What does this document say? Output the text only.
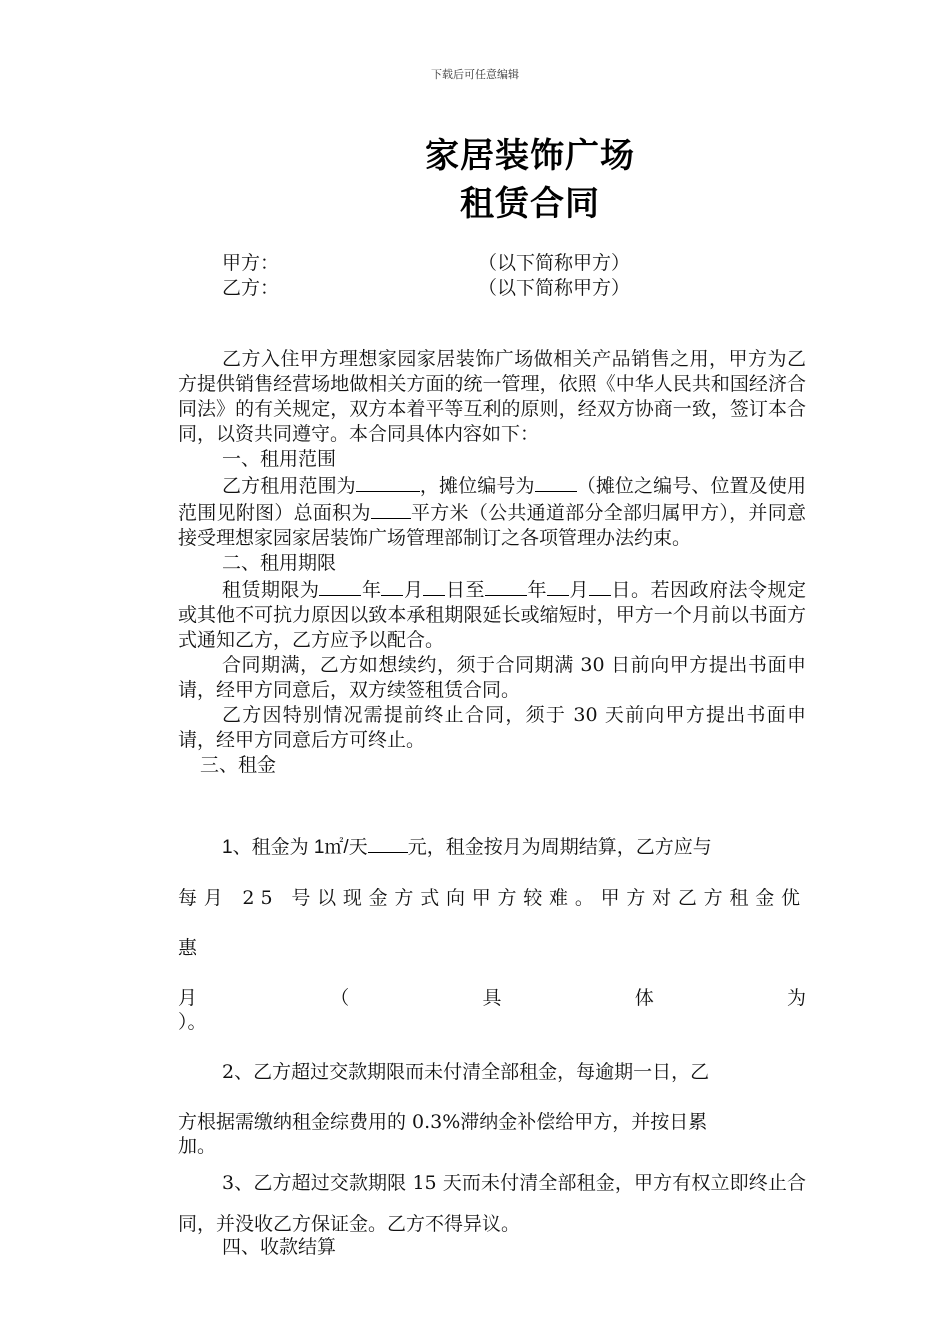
下载后可任意编辑
家居装饰广场
租赁合同
甲方：	（以下简称甲方）
乙方：	（以下简称甲方）

乙方入住甲方理想家园家居装饰广场做相关产品销售之用，甲方为乙方提供销售经营场地做相关方面的统一管理，依照《中华人民共和国经济合同法》的有关规定，双方本着平等互利的原则，经双方协商一致，签订本合同，以资共同遵守。本合同具体内容如下：

一、租用范围

乙方租用范围为	，摊位编号为 （摊位之编号、位置及使用范围见附图）总面积为 平方米（公共通道部分全部归属甲方），并同意接受理想家园家居装饰广场管理部制订之各项管理办法约束。

二、租用期限

租赁期限为 年 月 日至 年 月 日。若因政府法令规定或其他不可抗力原因以致本承租期限延长或缩短时，甲方一个月前以书面方式通知乙方，乙方应予以配合。

合同期满，乙方如想续约，须于合同期满 30 日前向甲方提出书面申请，经甲方同意后，双方续签租赁合同。

乙方因特别情况需提前终止合同，须于 30 天前向甲方提出书面申请，经甲方同意后方可终止。

三、租金

1、租金为 1㎡/天 元，租金按月为周期结算，乙方应与

每月 25 号以现金方式向甲方较难。甲方对乙方租金优惠

月	（	具	体	为

）。

2、乙方超过交款期限而未付清全部租金，每逾期一日，乙

方根据需缴纳租金综费用的 0.3%滞纳金补偿给甲方，并按日累

加。

3、乙方超过交款期限 15 天而未付清全部租金，甲方有权立即终止合同，并没收乙方保证金。乙方不得异议。

四、收款结算
